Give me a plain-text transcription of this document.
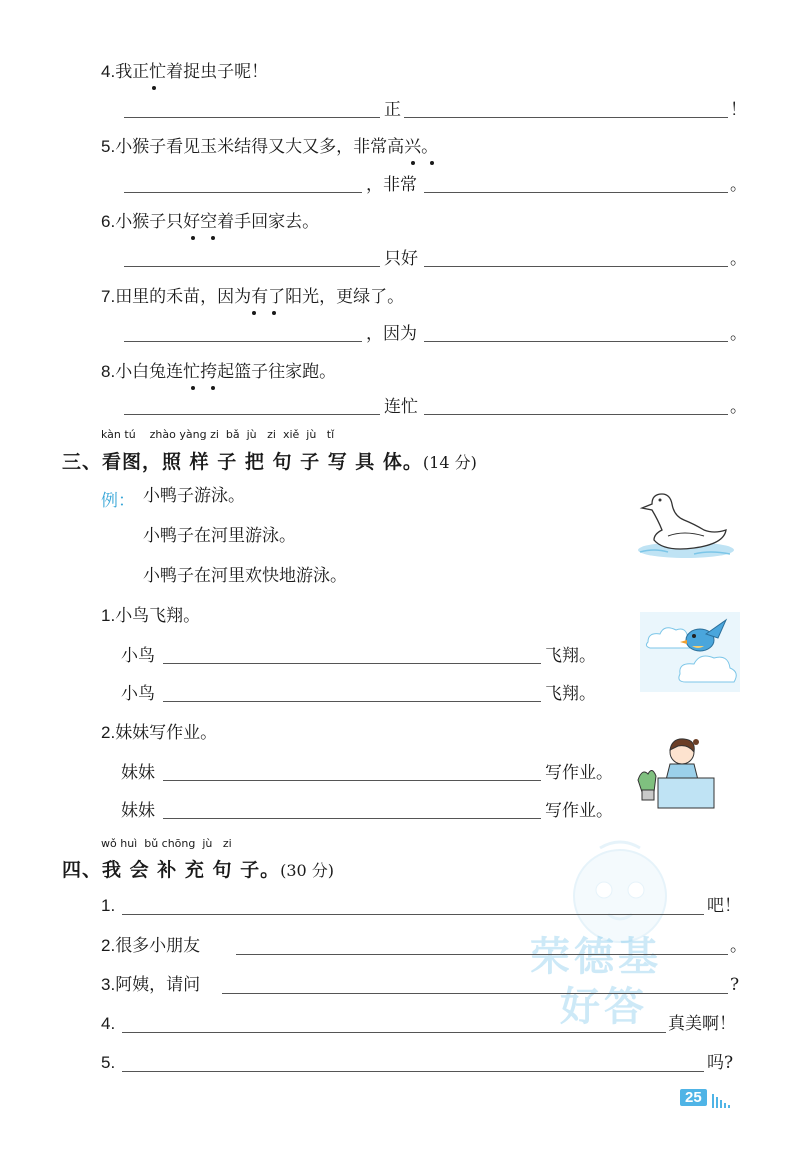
4.我正忙着捉虫子呢！
正	！
5.小猴子看见玉米结得又大又多，非常高兴。
，非常	。
6.小猴子只好空着手回家去。
只好	。
7.田里的禾苗，因为有了阳光，更绿了。
，因为	。
8.小白兔连忙挎起篮子往家跑。
连忙	。
kàn tú    zhào yàng zi  bǎ  jù   zi  xiě  jù   tǐ
三、看图，照 样 子 把 句 子 写 具 体。(14 分)
例： 小鸭子游泳。
小鸭子在河里游泳。
小鸭子在河里欢快地游泳。
1.小鸟飞翔。
小鸟	飞翔。
小鸟	飞翔。
2.妹妹写作业。
妹妹	写作业。
妹妹	写作业。
wǒ huì  bǔ chōng  jù   zi
四、我 会 补 充 句 子。(30 分)
荣德基
好答
1.	吧！
2.很多小朋友	。
3.阿姨，请问	?
4.	真美啊！
5.	吗?
25
